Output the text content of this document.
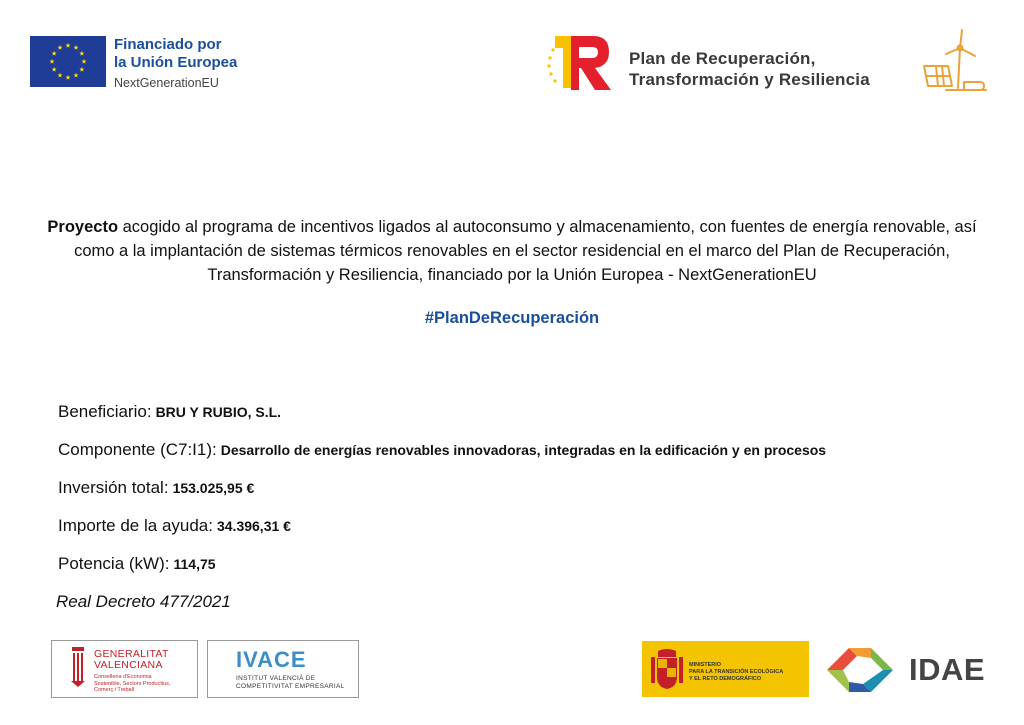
Financiado por
la Unión Europea
NextGenerationEU
Plan de Recuperación,
Transformación y Resiliencia
Proyecto acogido al programa de incentivos ligados al autoconsumo y almacenamiento, con fuentes de energía renovable, así como a la implantación de sistemas térmicos renovables en el sector residencial en el marco del Plan de Recuperación, Transformación y Resiliencia, financiado por la Unión Europea - NextGenerationEU
#PlanDeRecuperación
Beneficiario: BRU Y RUBIO, S.L.
Componente (C7:I1): Desarrollo de energías renovables innovadoras, integradas en la edificación y en procesos
Inversión total: 153.025,95 €
Importe de la ayuda: 34.396,31 €
Potencia (kW): 114,75
Real Decreto 477/2021
GENERALITAT
VALENCIANA
Conselleria d'Economia
Sostenible, Sectors Productius,
Comerç i Treball
IVACE
INSTITUT VALENCIÀ DE
COMPETITIVITAT EMPRESARIAL
MINISTERIO
PARA LA TRANSICIÓN ECOLÓGICA
Y EL RETO DEMOGRÁFICO	IDAE
